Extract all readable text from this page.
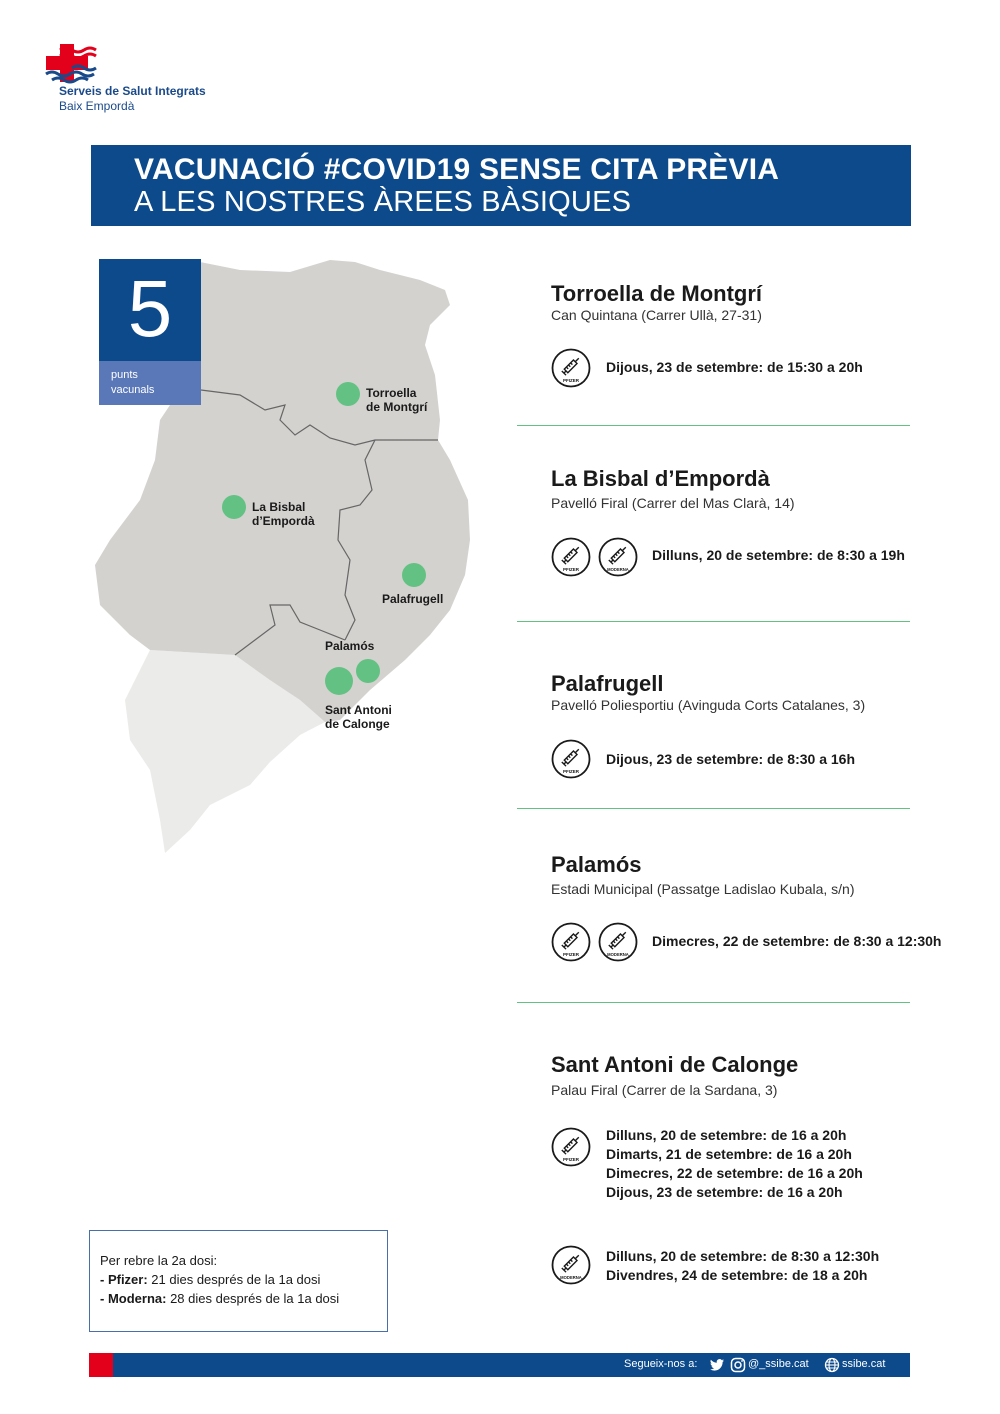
Serveis de Salut Integrats
Baix Empordà
VACUNACIÓ #COVID19 SENSE CITA PRÈVIA
A LES NOSTRES ÀREES BÀSIQUES
Torroella
de Montgrí
La Bisbal
d’Empordà
Palafrugell
Palamós
Sant Antoni
de Calonge
5
punts
vacunals
Torroella de Montgrí
Can Quintana (Carrer Ullà, 27-31)
PFIZER
Dijous, 23 de setembre: de 15:30 a 20h
La Bisbal d’Empordà
Pavelló Firal (Carrer del Mas Clarà, 14)
PFIZER	MODERNA
Dilluns, 20 de setembre: de 8:30 a 19h
Palafrugell
Pavelló Poliesportiu (Avinguda Corts Catalanes, 3)
PFIZER
Dijous, 23 de setembre: de 8:30 a 16h
Palamós
Estadi Municipal (Passatge Ladislao Kubala, s/n)
PFIZER	MODERNA
Dimecres, 22 de setembre: de 8:30 a 12:30h
Sant Antoni de Calonge
Palau Firal (Carrer de la Sardana, 3)
PFIZER
Dilluns, 20 de setembre: de 16 a 20h
Dimarts, 21 de setembre: de 16 a 20h
Dimecres, 22 de setembre: de 16 a 20h
Dijous, 23 de setembre: de 16 a 20h
MODERNA
Dilluns, 20 de setembre: de 8:30 a 12:30h
Divendres, 24 de setembre: de 18 a 20h
Per rebre la 2a dosi:
- Pfizer: 21 dies després de la 1a dosi
- Moderna: 28 dies després de la 1a dosi
Segueix-nos a:	@_ssibe.cat	ssibe.cat
